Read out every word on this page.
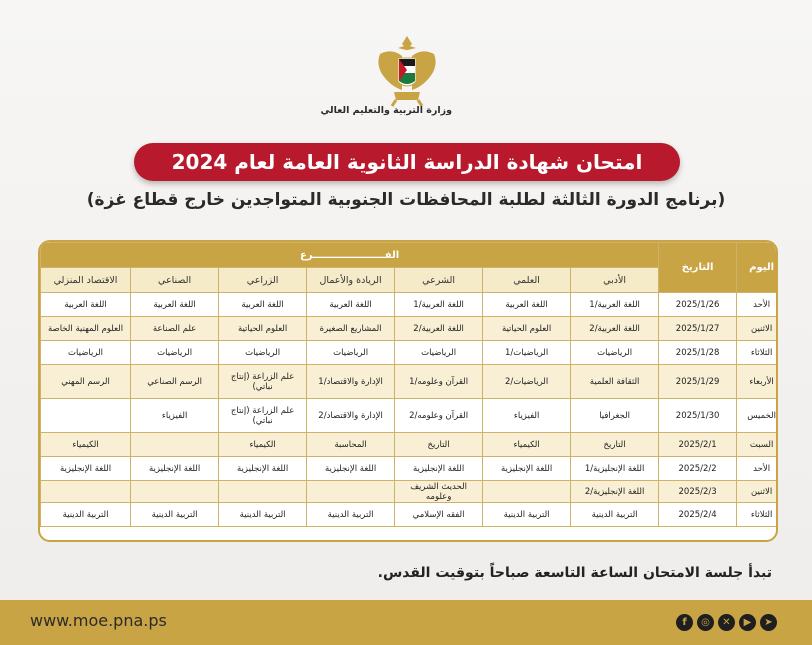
وزارة التربية والتعليم العالي
امتحان شهادة الدراسة الثانوية العامة لعام 2024
(برنامج الدورة الثالثة لطلبة المحافظات الجنوبية المتواجدين خارج قطاع غزة)
اليوم	التاريخ	الفـــــــــــــــــــــرع						
		الأدبي	العلمي	الشرعي	الريادة والأعمال	الزراعي	الصناعي	الاقتصاد المنزلي
الأحد	2025/1/26	اللغة العربية/1	اللغة العربية	اللغة العربية/1	اللغة العربية	اللغة العربية	اللغة العربية	اللغة العربية
الاثنين	2025/1/27	اللغة العربية/2	العلوم الحياتية	اللغة العربية/2	المشاريع الصغيرة	العلوم الحياتية	علم الصناعة	العلوم المهنية الخاصة
الثلاثاء	2025/1/28	الرياضيات	الرياضيات/1	الرياضيات	الرياضيات	الرياضيات	الرياضيات	الرياضيات
الأربعاء	2025/1/29	الثقافة العلمية	الرياضيات/2	القرآن وعلومه/1	الإدارة والاقتصاد/1	علم الزراعة (إنتاج نباتي)	الرسم الصناعي	الرسم المهني
الخميس	2025/1/30	الجغرافيا	الفيزياء	القرآن وعلومه/2	الإدارة والاقتصاد/2	علم الزراعة (إنتاج نباتي)	الفيزياء	
السبت	2025/2/1	التاريخ	الكيمياء	التاريخ	المحاسبة	الكيمياء		الكيمياء
الأحد	2025/2/2	اللغة الإنجليزية/1	اللغة الإنجليزية	اللغة الإنجليزية	اللغة الإنجليزية	اللغة الإنجليزية	اللغة الإنجليزية	اللغة الإنجليزية
الاثنين	2025/2/3	اللغة الإنجليزية/2		الحديث الشريف وعلومه				
الثلاثاء	2025/2/4	التربية الدينية	التربية الدينية	الفقه الإسلامي	التربية الدينية	التربية الدينية	التربية الدينية	التربية الدينية
تبدأ جلسة الامتحان الساعة التاسعة صباحاً بتوقيت القدس.
www.moe.pna.ps	f	◎	✕	▶	➤
